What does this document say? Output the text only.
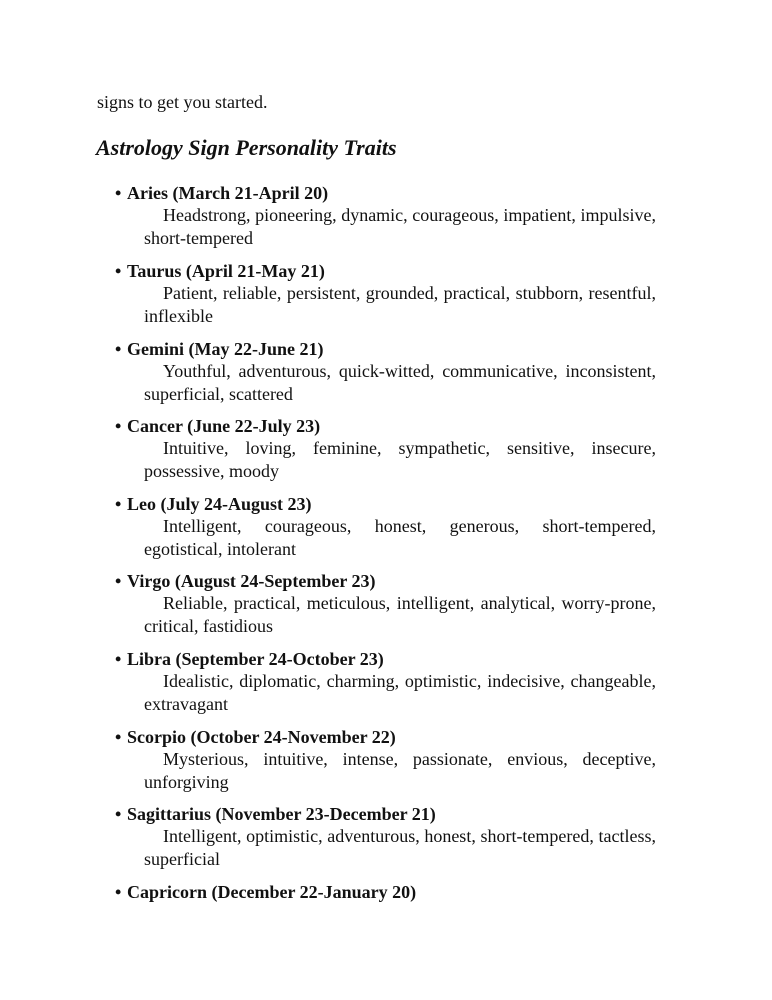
signs to get you started.
Astrology Sign Personality Traits
• Aries (March 21-April 20)
Headstrong, pioneering, dynamic, courageous, impatient, impulsive, short-tempered
• Taurus (April 21-May 21)
Patient, reliable, persistent, grounded, practical, stubborn, resentful, inflexible
• Gemini (May 22-June 21)
Youthful, adventurous, quick-witted, communicative, inconsistent, superficial, scattered
• Cancer (June 22-July 23)
Intuitive, loving, feminine, sympathetic, sensitive, insecure, possessive, moody
• Leo (July 24-August 23)
Intelligent, courageous, honest, generous, short-tempered, egotistical, intolerant
• Virgo (August 24-September 23)
Reliable, practical, meticulous, intelligent, analytical, worry-prone, critical, fastidious
• Libra (September 24-October 23)
Idealistic, diplomatic, charming, optimistic, indecisive, changeable, extravagant
• Scorpio (October 24-November 22)
Mysterious, intuitive, intense, passionate, envious, deceptive, unforgiving
• Sagittarius (November 23-December 21)
Intelligent, optimistic, adventurous, honest, short-tempered, tactless, superficial
• Capricorn (December 22-January 20)
